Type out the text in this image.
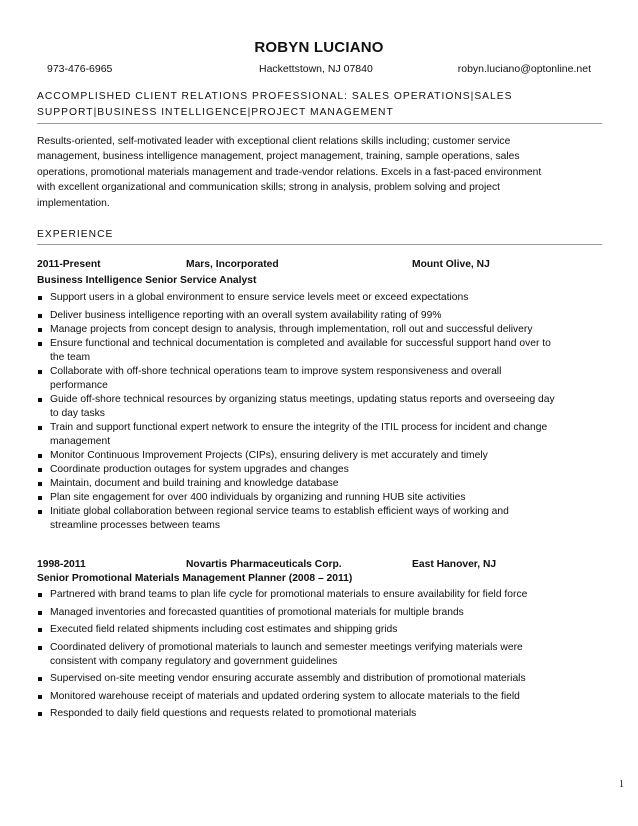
ROBYN LUCIANO
973-476-6965	Hackettstown, NJ 07840	robyn.luciano@optonline.net
ACCOMPLISHED CLIENT RELATIONS PROFESSIONAL: SALES OPERATIONS|SALES SUPPORT|BUSINESS INTELLIGENCE|PROJECT MANAGEMENT
Results-oriented, self-motivated leader with exceptional client relations skills including; customer service management, business intelligence management, project management, training, sample operations, sales operations, promotional materials management and trade-vendor relations. Excels in a fast-paced environment with excellent organizational and communication skills; strong in analysis, problem solving and project implementation.
EXPERIENCE
2011-Present	Mars, Incorporated	Mount Olive, NJ
Business Intelligence Senior Service Analyst
Support users in a global environment to ensure service levels meet or exceed expectations
Deliver business intelligence reporting with an overall system availability rating of 99%
Manage projects from concept design to analysis, through implementation, roll out and successful delivery
Ensure functional and technical documentation is completed and available for successful support hand over to the team
Collaborate with off-shore technical operations team to improve system responsiveness and overall performance
Guide off-shore technical resources by organizing status meetings, updating status reports and overseeing day to day tasks
Train and support functional expert network to ensure the integrity of the ITIL process for incident and change management
Monitor Continuous Improvement Projects (CIPs), ensuring delivery is met accurately and timely
Coordinate production outages for system upgrades and changes
Maintain, document and build training and knowledge database
Plan site engagement for over 400 individuals by organizing and running HUB site activities
Initiate global collaboration between regional service teams to establish efficient ways of working and streamline processes between teams
1998-2011	Novartis Pharmaceuticals Corp.	East Hanover, NJ
Senior Promotional Materials Management Planner (2008 – 2011)
Partnered with brand teams to plan life cycle for promotional materials to ensure availability for field force
Managed inventories and forecasted quantities of promotional materials for multiple brands
Executed field related shipments including cost estimates and shipping grids
Coordinated delivery of promotional materials to launch and semester meetings verifying materials were consistent with company regulatory and government guidelines
Supervised on-site meeting vendor ensuring accurate assembly and distribution of promotional materials
Monitored warehouse receipt of materials and updated ordering system to allocate materials to the field
Responded to daily field questions and requests related to promotional materials
1
